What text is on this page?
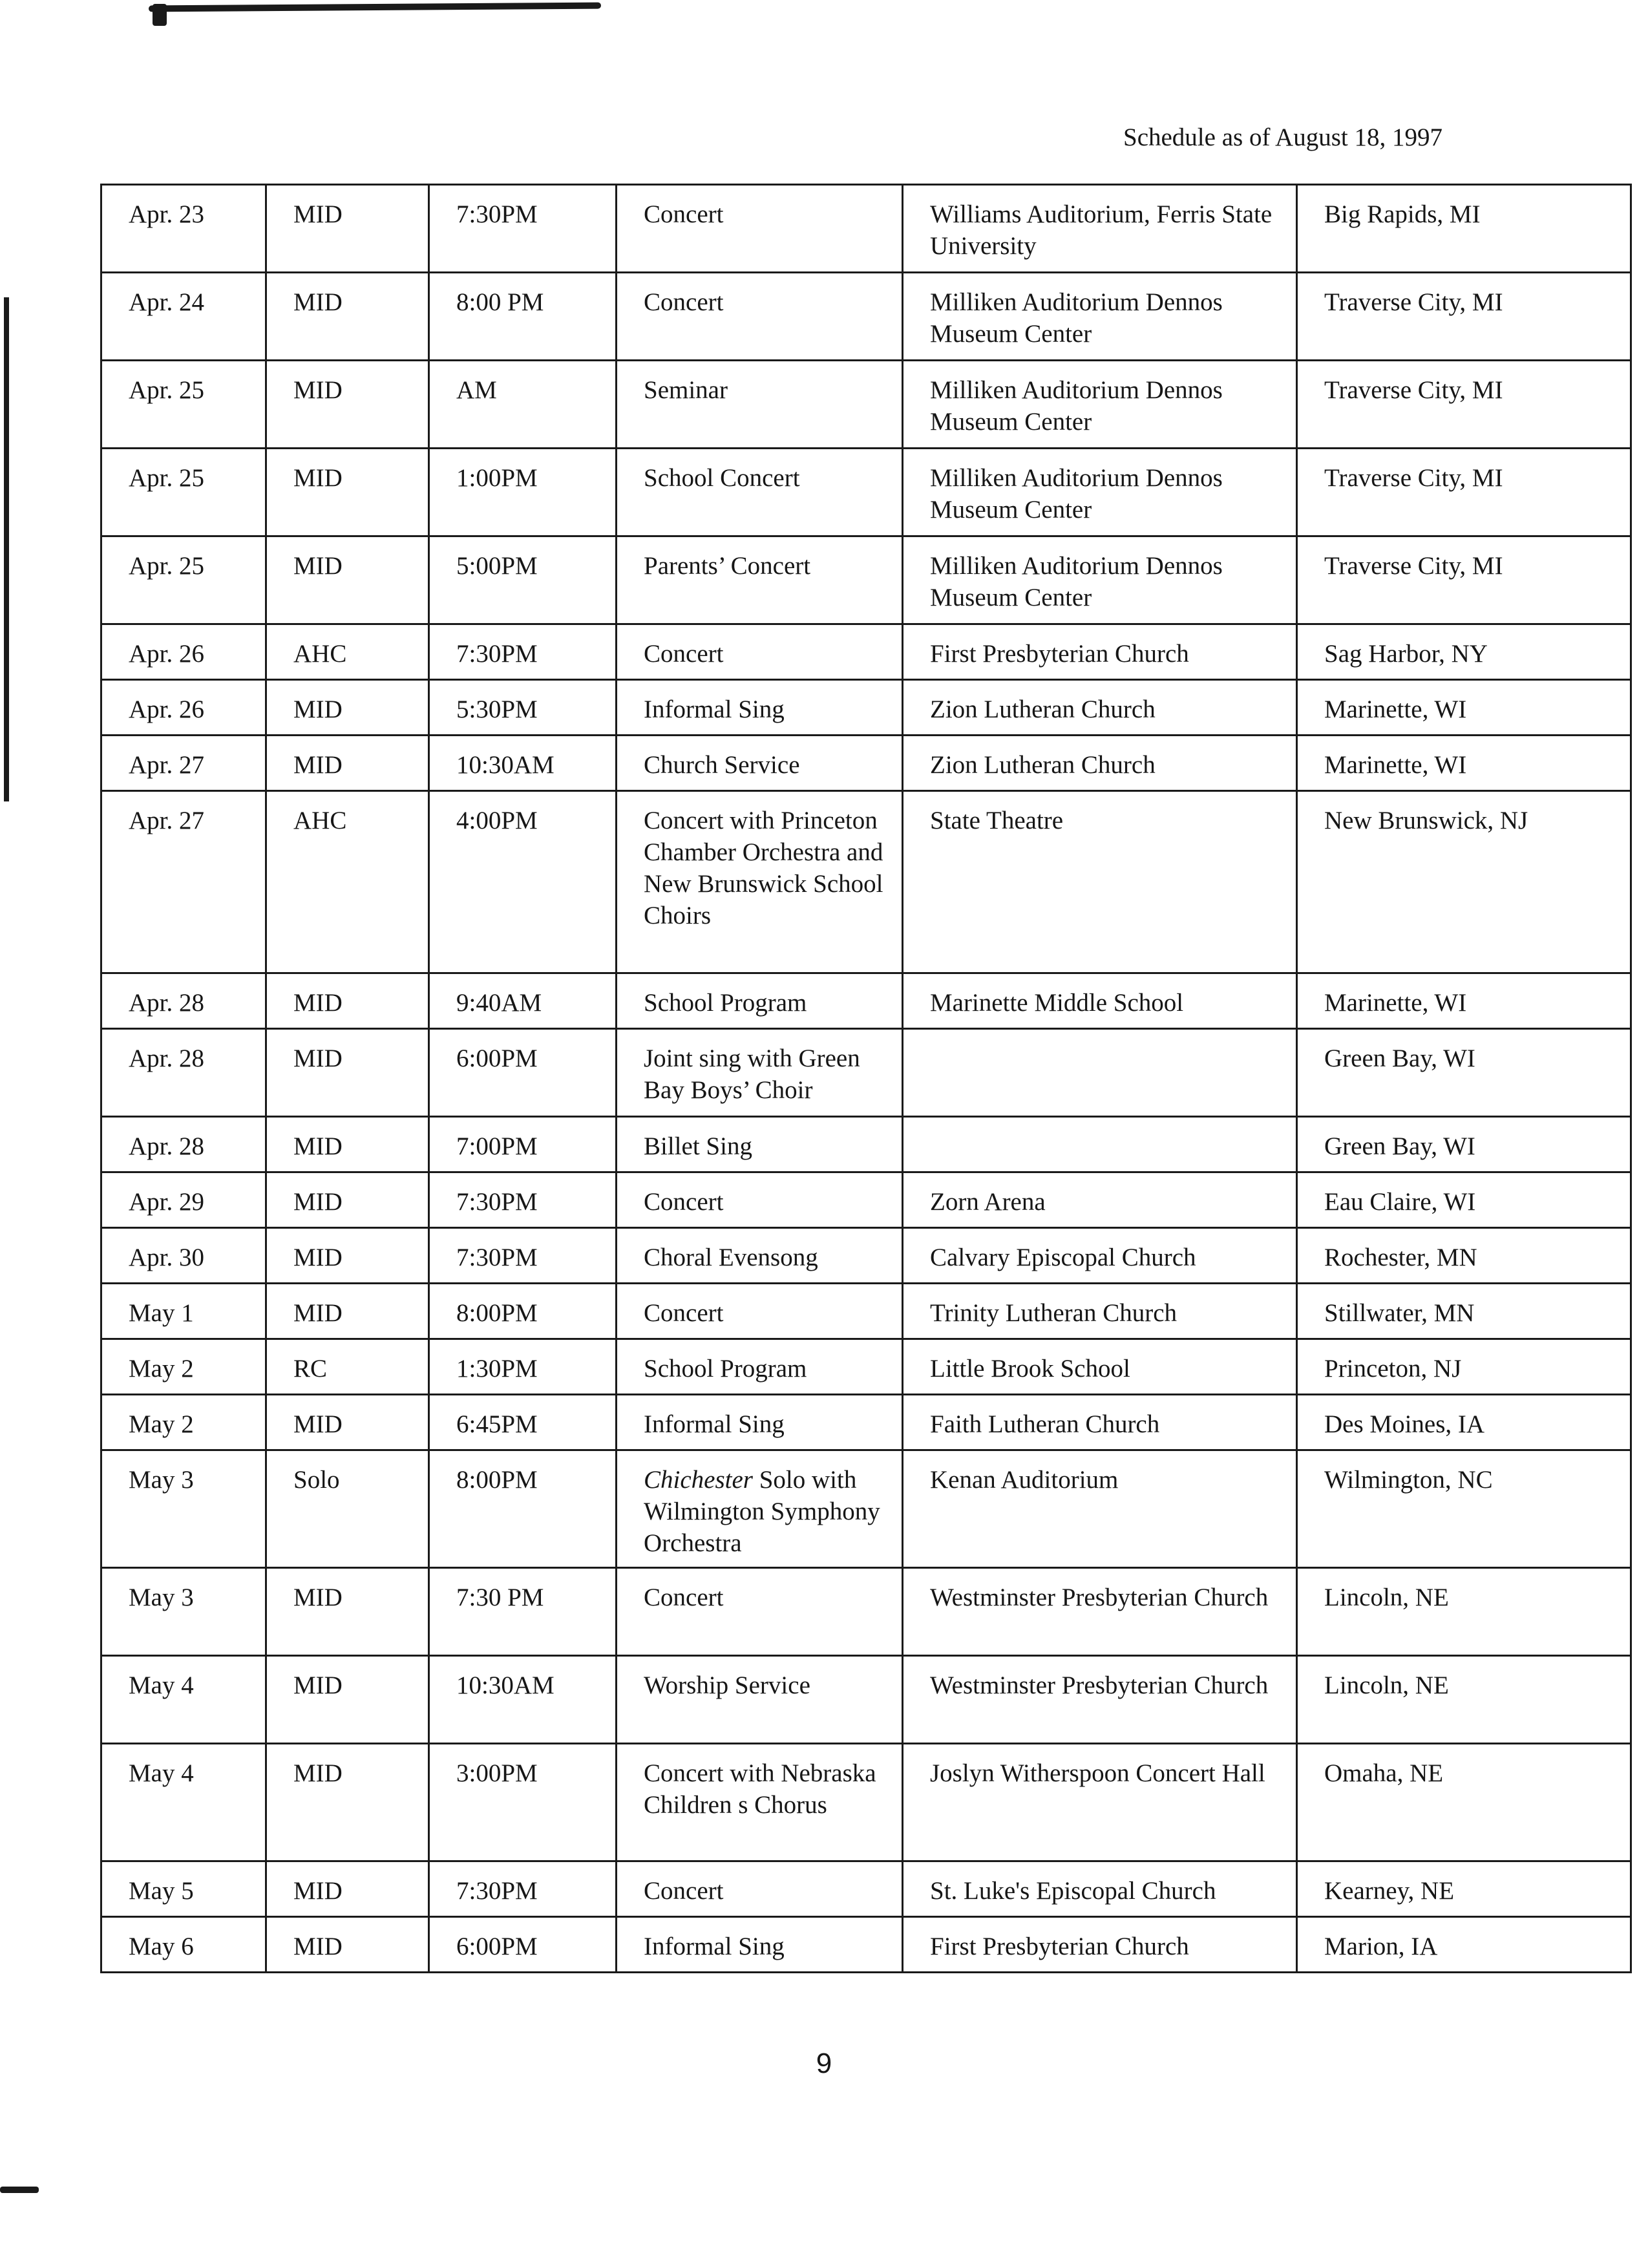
Schedule as of August 18, 1997
Apr. 23	MID	7:30PM	Concert	Williams Auditorium, Ferris State University	Big Rapids, MI
Apr. 24	MID	8:00 PM	Concert	Milliken Auditorium Dennos Museum Center	Traverse City, MI
Apr. 25	MID	AM	Seminar	Milliken Auditorium Dennos Museum Center	Traverse City, MI
Apr. 25	MID	1:00PM	School Concert	Milliken Auditorium Dennos Museum Center	Traverse City, MI
Apr. 25	MID	5:00PM	Parents’ Concert	Milliken Auditorium Dennos Museum Center	Traverse City, MI
Apr. 26	AHC	7:30PM	Concert	First Presbyterian Church	Sag Harbor, NY
Apr. 26	MID	5:30PM	Informal Sing	Zion Lutheran Church	Marinette, WI
Apr. 27	MID	10:30AM	Church Service	Zion Lutheran Church	Marinette, WI
Apr. 27	AHC	4:00PM	Concert with Princeton Chamber Orchestra and New Brunswick School Choirs	State Theatre	New Brunswick, NJ
Apr. 28	MID	9:40AM	School Program	Marinette Middle School	Marinette, WI
Apr. 28	MID	6:00PM	Joint sing with Green Bay Boys’ Choir		Green Bay, WI
Apr. 28	MID	7:00PM	Billet Sing		Green Bay, WI
Apr. 29	MID	7:30PM	Concert	Zorn Arena	Eau Claire, WI
Apr. 30	MID	7:30PM	Choral Evensong	Calvary Episcopal Church	Rochester, MN
May 1	MID	8:00PM	Concert	Trinity Lutheran Church	Stillwater, MN
May 2	RC	1:30PM	School Program	Little Brook School	Princeton, NJ
May 2	MID	6:45PM	Informal Sing	Faith Lutheran Church	Des Moines, IA
May 3	Solo	8:00PM	Chichester Solo with Wilmington Symphony Orchestra	Kenan Auditorium	Wilmington, NC
May 3	MID	7:30 PM	Concert	Westminster Presbyterian Church	Lincoln, NE
May 4	MID	10:30AM	Worship Service	Westminster Presbyterian Church	Lincoln, NE
May 4	MID	3:00PM	Concert with Nebraska Children s Chorus	Joslyn Witherspoon Concert Hall	Omaha, NE
May 5	MID	7:30PM	Concert	St. Luke's Episcopal Church	Kearney, NE
May 6	MID	6:00PM	Informal Sing	First Presbyterian Church	Marion, IA
9
